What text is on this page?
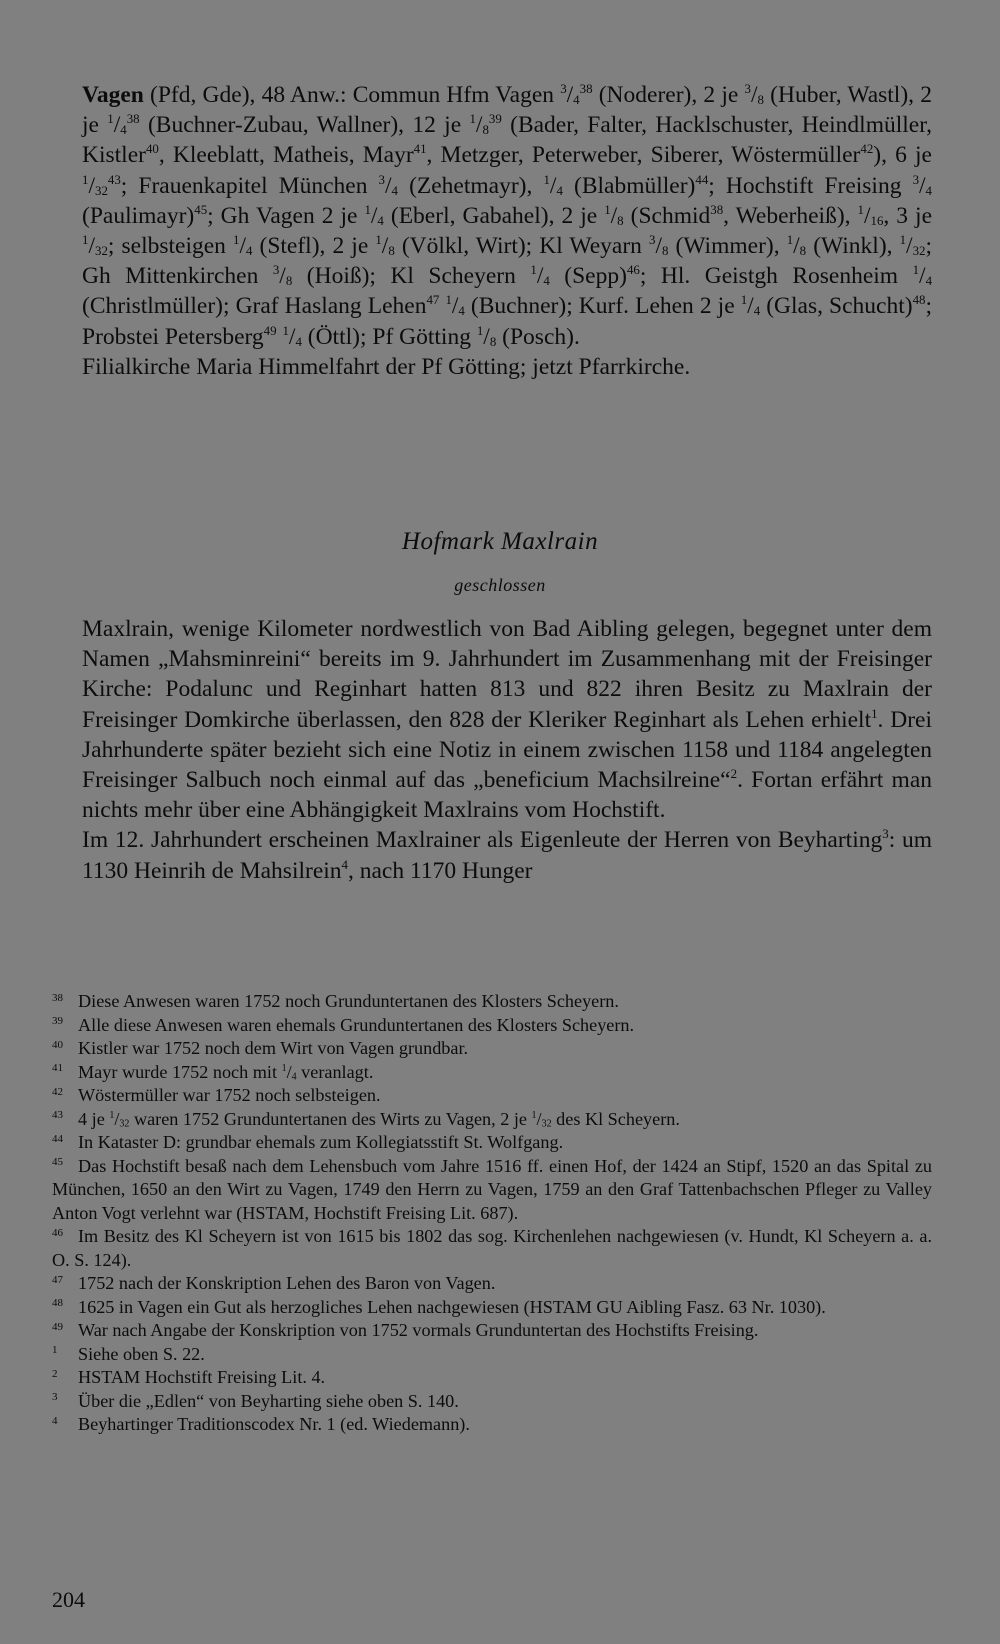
Vagen (Pfd, Gde), 48 Anw.: Commun Hfm Vagen $^3/_4^{38}$ (Noderer), 2 je $^3/_8$ (Huber, Wastl), 2 je $^1/_4^{38}$ (Buchner-Zubau, Wallner), 12 je $^1/_8^{39}$ (Bader, Falter, Hacklschuster, Heindlmüller, Kistler$^{40}$, Kleeblatt, Matheis, Mayr$^{41}$, Metzger, Peterweber, Siberer, Wöstermüller$^{42}$), 6 je $^1/_{32}^{43}$; Frauenkapitel München $^3/_4$ (Zehetmayr), $^1/_4$ (Blabmüller)$^{44}$; Hochstift Freising $^3/_4$ (Paulimayr)$^{45}$; Gh Vagen 2 je $^1/_4$ (Eberl, Gabahel), 2 je $^1/_8$ (Schmid$^{38}$, Weberheiß), $^1/_{16}$, 3 je $^1/_{32}$; selbsteigen $^1/_4$ (Stefl), 2 je $^1/_8$ (Völkl, Wirt); Kl Weyarn $^3/_8$ (Wimmer), $^1/_8$ (Winkl), $^1/_{32}$; Gh Mittenkirchen $^3/_8$ (Hoiß); Kl Scheyern $^1/_4$ (Sepp)$^{46}$; Hl. Geistgh Rosenheim $^1/_4$ (Christlmüller); Graf Haslang Lehen$^{47}$ $^1/_4$ (Buchner); Kurf. Lehen 2 je $^1/_4$ (Glas, Schucht)$^{48}$; Probstei Petersberg$^{49}$ $^1/_4$ (Öttl); Pf Götting $^1/_8$ (Posch).

Filialkirche Maria Himmelfahrt der Pf Götting; jetzt Pfarrkirche.

Hofmark Maxlrain
geschlossen

Maxlrain, wenige Kilometer nordwestlich von Bad Aibling gelegen, begegnet unter dem Namen „Mahsminreini“ bereits im 9. Jahrhundert im Zusammenhang mit der Freisinger Kirche: Podalunc und Reginhart hatten 813 und 822 ihren Besitz zu Maxlrain der Freisinger Domkirche überlassen, den 828 der Kleriker Reginhart als Lehen erhielt$^1$. Drei Jahrhunderte später bezieht sich eine Notiz in einem zwischen 1158 und 1184 angelegten Freisinger Salbuch noch einmal auf das „beneficium Machsilreine“$^2$. Fortan erfährt man nichts mehr über eine Abhängigkeit Maxlrains vom Hochstift.

Im 12. Jahrhundert erscheinen Maxlrainer als Eigenleute der Herren von Beyharting$^3$: um 1130 Heinrih de Mahsilrein$^4$, nach 1170 Hunger

38 Diese Anwesen waren 1752 noch Grunduntertanen des Klosters Scheyern.

39 Alle diese Anwesen waren ehemals Grunduntertanen des Klosters Scheyern.

40 Kistler war 1752 noch dem Wirt von Vagen grundbar.

41 Mayr wurde 1752 noch mit $^1/_4$ veranlagt.

42 Wöstermüller war 1752 noch selbsteigen.

43 4 je $^1/_{32}$ waren 1752 Grunduntertanen des Wirts zu Vagen, 2 je $^1/_{32}$ des Kl Scheyern.

44 In Kataster D: grundbar ehemals zum Kollegiatsstift St. Wolfgang.

45 Das Hochstift besaß nach dem Lehensbuch vom Jahre 1516 ff. einen Hof, der 1424 an Stipf, 1520 an das Spital zu München, 1650 an den Wirt zu Vagen, 1749 den Herrn zu Vagen, 1759 an den Graf Tattenbachschen Pfleger zu Valley Anton Vogt verlehnt war (HSTAM, Hochstift Freising Lit. 687).

46 Im Besitz des Kl Scheyern ist von 1615 bis 1802 das sog. Kirchenlehen nachgewiesen (v. Hundt, Kl Scheyern a. a. O. S. 124).

47 1752 nach der Konskription Lehen des Baron von Vagen.

48 1625 in Vagen ein Gut als herzogliches Lehen nachgewiesen (HSTAM GU Aibling Fasz. 63 Nr. 1030).

49 War nach Angabe der Konskription von 1752 vormals Grunduntertan des Hochstifts Freising.

1 Siehe oben S. 22.

2 HSTAM Hochstift Freising Lit. 4.

3 Über die „Edlen“ von Beyharting siehe oben S. 140.

4 Beyhartinger Traditionscodex Nr. 1 (ed. Wiedemann).

204
